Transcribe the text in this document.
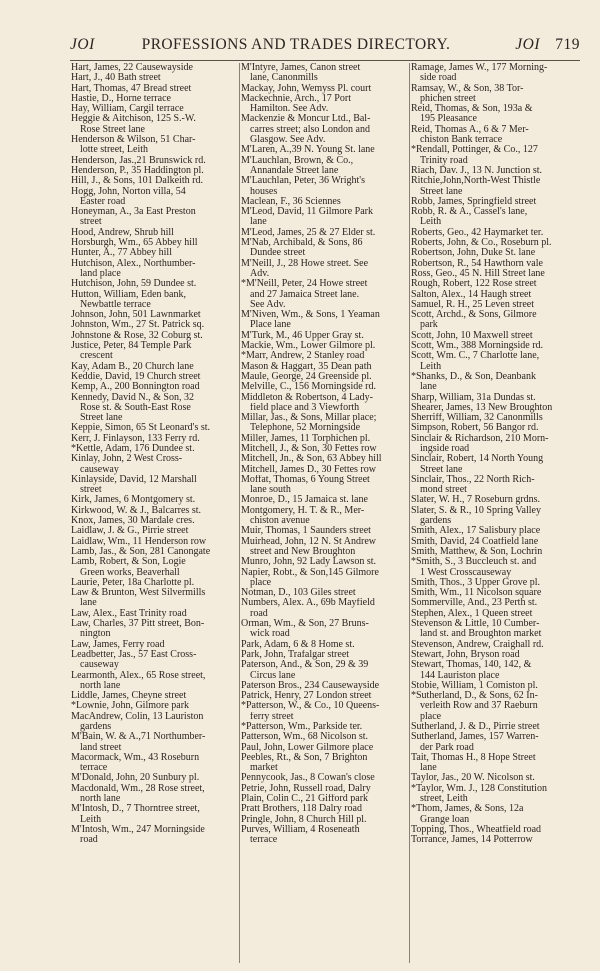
JOI	PROFESSIONS AND TRADES DIRECTORY.	JOI 719
Hart, James, 22 Causewayside
Hart, J., 40 Bath street
Hart, Thomas, 47 Bread street
Hastie, D., Horne terrace
Hay, William, Cargil terrace
Heggie & Aitchison, 125 S.-W.
Rose Street lane
Henderson & Wilson, 51 Char-
lotte street, Leith
Henderson, Jas.,21 Brunswick rd.
Henderson, P., 35 Haddington pl.
Hill, J., & Sons, 101 Dalkeith rd.
Hogg, John, Norton villa, 54
Easter road
Honeyman, A., 3a East Preston
street
Hood, Andrew, Shrub hill
Horsburgh, Wm., 65 Abbey hill
Hunter, A., 77 Abbey hill
Hutchison, Alex., Northumber-
land place
Hutchison, John, 59 Dundee st.
Hutton, William, Eden bank,
Newbattle terrace
Johnson, John, 501 Lawnmarket
Johnston, Wm., 27 St. Patrick sq.
Johnstone & Rose, 32 Coburg st.
Justice, Peter, 84 Temple Park
crescent
Kay, Adam B., 20 Church lane
Keddie, David, 19 Church street
Kemp, A., 200 Bonnington road
Kennedy, David N., & Son, 32
Rose st. & South-East Rose
Street lane
Keppie, Simon, 65 St Leonard's st.
Kerr, J. Finlayson, 133 Ferry rd.
*Kettle, Adam, 176 Dundee st.
Kinlay, John, 2 West Cross-
causeway
Kinlayside, David, 12 Marshall
street
Kirk, James, 6 Montgomery st.
Kirkwood, W. & J., Balcarres st.
Knox, James, 30 Mardale cres.
Laidlaw, J. & G., Pirrie street
Laidlaw, Wm., 11 Henderson row
Lamb, Jas., & Son, 281 Canongate
Lamb, Robert, & Son, Logie
Green works, Beaverhall
Laurie, Peter, 18a Charlotte pl.
Law & Brunton, West Silvermills
lane
Law, Alex., East Trinity road
Law, Charles, 37 Pitt street, Bon-
nington
Law, James, Ferry road
Leadbetter, Jas., 57 East Cross-
causeway
Learmonth, Alex., 65 Rose street,
north lane
Liddle, James, Cheyne street
*Lownie, John, Gilmore park
MacAndrew, Colin, 13 Lauriston
gardens
M'Bain, W. & A.,71 Northumber-
land street
Macormack, Wm., 43 Roseburn
terrace
M'Donald, John, 20 Sunbury pl.
Macdonald, Wm., 28 Rose street,
north lane
M'Intosh, D., 7 Thorntree street,
Leith
M'Intosh, Wm., 247 Morningside
road
M'Intyre, James, Canon street
lane, Canonmills
Mackay, John, Wemyss Pl. court
Mackechnie, Arch., 17 Port
Hamilton. See Adv.
Mackenzie & Moncur Ltd., Bal-
carres street; also London and
Glasgow. See Adv.
M'Laren, A.,39 N. Young St. lane
M'Lauchlan, Brown, & Co.,
Annandale Street lane
M'Lauchlan, Peter, 36 Wright's
houses
Maclean, F., 36 Sciennes
M'Leod, David, 11 Gilmore Park
lane
M'Leod, James, 25 & 27 Elder st.
M'Nab, Archibald, & Sons, 86
Dundee street
M'Neill, J., 28 Howe street. See
Adv.
*M'Neill, Peter, 24 Howe street
and 27 Jamaica Street lane.
See Adv.
M'Niven, Wm., & Sons, 1 Yeaman
Place lane
M'Turk, M., 46 Upper Gray st.
Mackie, Wm., Lower Gilmore pl.
*Marr, Andrew, 2 Stanley road
Mason & Haggart, 35 Dean path
Maule, George, 24 Greenside pl.
Melville, C., 156 Morningside rd.
Middleton & Robertson, 4 Lady-
field place and 3 Viewforth
Millar, Jas., & Sons, Millar place;
Telephone, 52 Morningside
Miller, James, 11 Torphichen pl.
Mitchell, J., & Son, 30 Fettes row
Mitchell, Jn., & Son, 63 Abbey hill
Mitchell, James D., 30 Fettes row
Moffat, Thomas, 6 Young Street
lane south
Monroe, D., 15 Jamaica st. lane
Montgomery, H. T. & R., Mer-
chiston avenue
Muir, Thomas, 1 Saunders street
Muirhead, John, 12 N. St Andrew
street and New Broughton
Munro, John, 92 Lady Lawson st.
Napier, Robt., & Son,145 Gilmore
place
Notman, D., 103 Giles street
Numbers, Alex. A., 69b Mayfield
road
Orman, Wm., & Son, 27 Bruns-
wick road
Park, Adam, 6 & 8 Home st.
Park, John, Trafalgar street
Paterson, And., & Son, 29 & 39
Circus lane
Paterson Bros., 234 Causewayside
Patrick, Henry, 27 London street
*Patterson, W., & Co., 10 Queens-
ferry street
*Patterson, Wm., Parkside ter.
Patterson, Wm., 68 Nicolson st.
Paul, John, Lower Gilmore place
Peebles, Rt., & Son, 7 Brighton
market
Pennycook, Jas., 8 Cowan's close
Petrie, John, Russell road, Dalry
Plain, Colin C., 21 Gifford park
Pratt Brothers, 118 Dalry road
Pringle, John, 8 Church Hill pl.
Purves, William, 4 Roseneath
terrace
Ramage, James W., 177 Morning-
side road
Ramsay, W., & Son, 38 Tor-
phichen street
Reid, Thomas, & Son, 193a &
195 Pleasance
Reid, Thomas A., 6 & 7 Mer-
chiston Bank terrace
*Rendall, Pottinger, & Co., 127
Trinity road
Riach, Dav. J., 13 N. Junction st.
Ritchie,John,North-West Thistle
Street lane
Robb, James, Springfield street
Robb, R. & A., Cassel's lane,
Leith
Roberts, Geo., 42 Haymarket ter.
Roberts, John, & Co., Roseburn pl.
Robertson, John, Duke St. lane
Robertson, R., 54 Hawthorn vale
Ross, Geo., 45 N. Hill Street lane
Rough, Robert, 122 Rose street
Salton, Alex., 14 Haugh street
Samuel, R. H., 25 Leven street
Scott, Archd., & Sons, Gilmore
park
Scott, John, 10 Maxwell street
Scott, Wm., 388 Morningside rd.
Scott, Wm. C., 7 Charlotte lane,
Leith
*Shanks, D., & Son, Deanbank
lane
Sharp, William, 31a Dundas st.
Shearer, James, 13 New Broughton
Sherriff, William, 32 Canonmills
Simpson, Robert, 56 Bangor rd.
Sinclair & Richardson, 210 Morn-
ingside road
Sinclair, Robert, 14 North Young
Street lane
Sinclair, Thos., 22 North Rich-
mond street
Slater, W. H., 7 Roseburn grdns.
Slater, S. & R., 10 Spring Valley
gardens
Smith, Alex., 17 Salisbury place
Smith, David, 24 Coatfield lane
Smith, Matthew, & Son, Lochrin
*Smith, S., 3 Buccleuch st. and
1 West Crosscauseway
Smith, Thos., 3 Upper Grove pl.
Smith, Wm., 11 Nicolson square
Sommerville, And., 23 Perth st.
Stephen, Alex., 1 Queen street
Stevenson & Little, 10 Cumber-
land st. and Broughton market
Stevenson, Andrew, Craighall rd.
Stewart, John, Bryson road
Stewart, Thomas, 140, 142, &
144 Lauriston place
Stobie, William, 1 Comiston pl.
*Sutherland, D., & Sons, 62 In-
verleith Row and 37 Raeburn
place
Sutherland, J. & D., Pirrie street
Sutherland, James, 157 Warren-
der Park road
Tait, Thomas H., 8 Hope Street
lane
Taylor, Jas., 20 W. Nicolson st.
*Taylor, Wm. J., 128 Constitution
street, Leith
*Thom, James, & Sons, 12a
Grange loan
Topping, Thos., Wheatfield road
Torrance, James, 14 Potterrow
